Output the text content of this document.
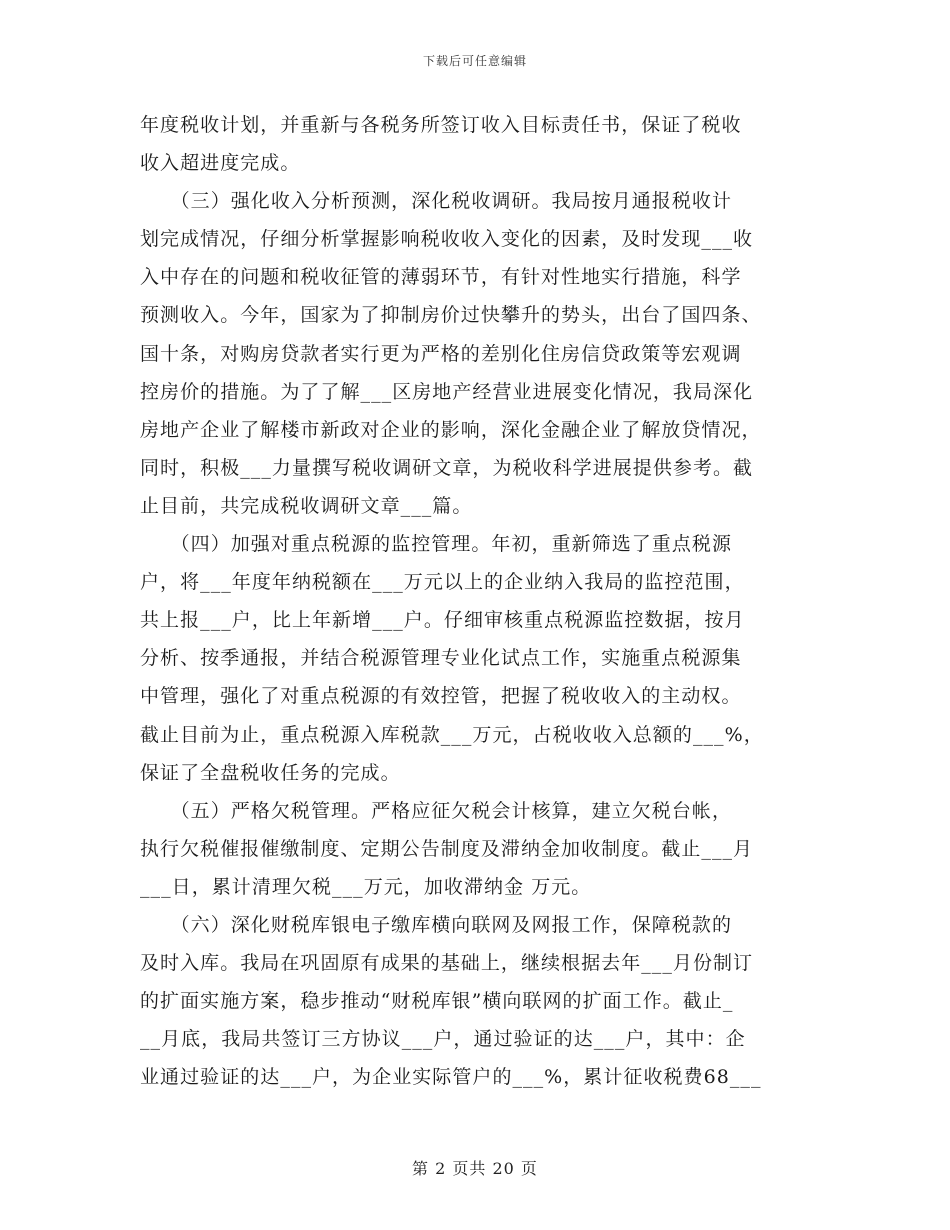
下载后可任意编辑
年度税收计划，并重新与各税务所签订收入目标责任书，保证了税收
收入超进度完成。
　　（三）强化收入分析预测，深化税收调研。我局按月通报税收计
划完成情况，仔细分析掌握影响税收收入变化的因素，及时发现___收
入中存在的问题和税收征管的薄弱环节，有针对性地实行措施，科学
预测收入。今年，国家为了抑制房价过快攀升的势头，出台了国四条、
国十条，对购房贷款者实行更为严格的差别化住房信贷政策等宏观调
控房价的措施。为了了解___区房地产经营业进展变化情况，我局深化
房地产企业了解楼市新政对企业的影响，深化金融企业了解放贷情况，
同时，积极___力量撰写税收调研文章，为税收科学进展提供参考。截
止目前，共完成税收调研文章___篇。
　　（四）加强对重点税源的监控管理。年初，重新筛选了重点税源
户，将___年度年纳税额在___万元以上的企业纳入我局的监控范围，
共上报___户，比上年新增___户。仔细审核重点税源监控数据，按月
分析、按季通报，并结合税源管理专业化试点工作，实施重点税源集
中管理，强化了对重点税源的有效控管，把握了税收收入的主动权。
截止目前为止，重点税源入库税款___万元，占税收收入总额的___%，
保证了全盘税收任务的完成。
　　（五）严格欠税管理。严格应征欠税会计核算，建立欠税台帐，
执行欠税催报催缴制度、定期公告制度及滞纳金加收制度。截止___月
___日，累计清理欠税___万元，加收滞纳金 万元。
　　（六）深化财税库银电子缴库横向联网及网报工作，保障税款的
及时入库。我局在巩固原有成果的基础上，继续根据去年___月份制订
的扩面实施方案，稳步推动“财税库银”横向联网的扩面工作。截止_
__月底，我局共签订三方协议___户，通过验证的达___户，其中：企
业通过验证的达___户，为企业实际管户的___%，累计征收税费68___
第 2 页共 20 页
